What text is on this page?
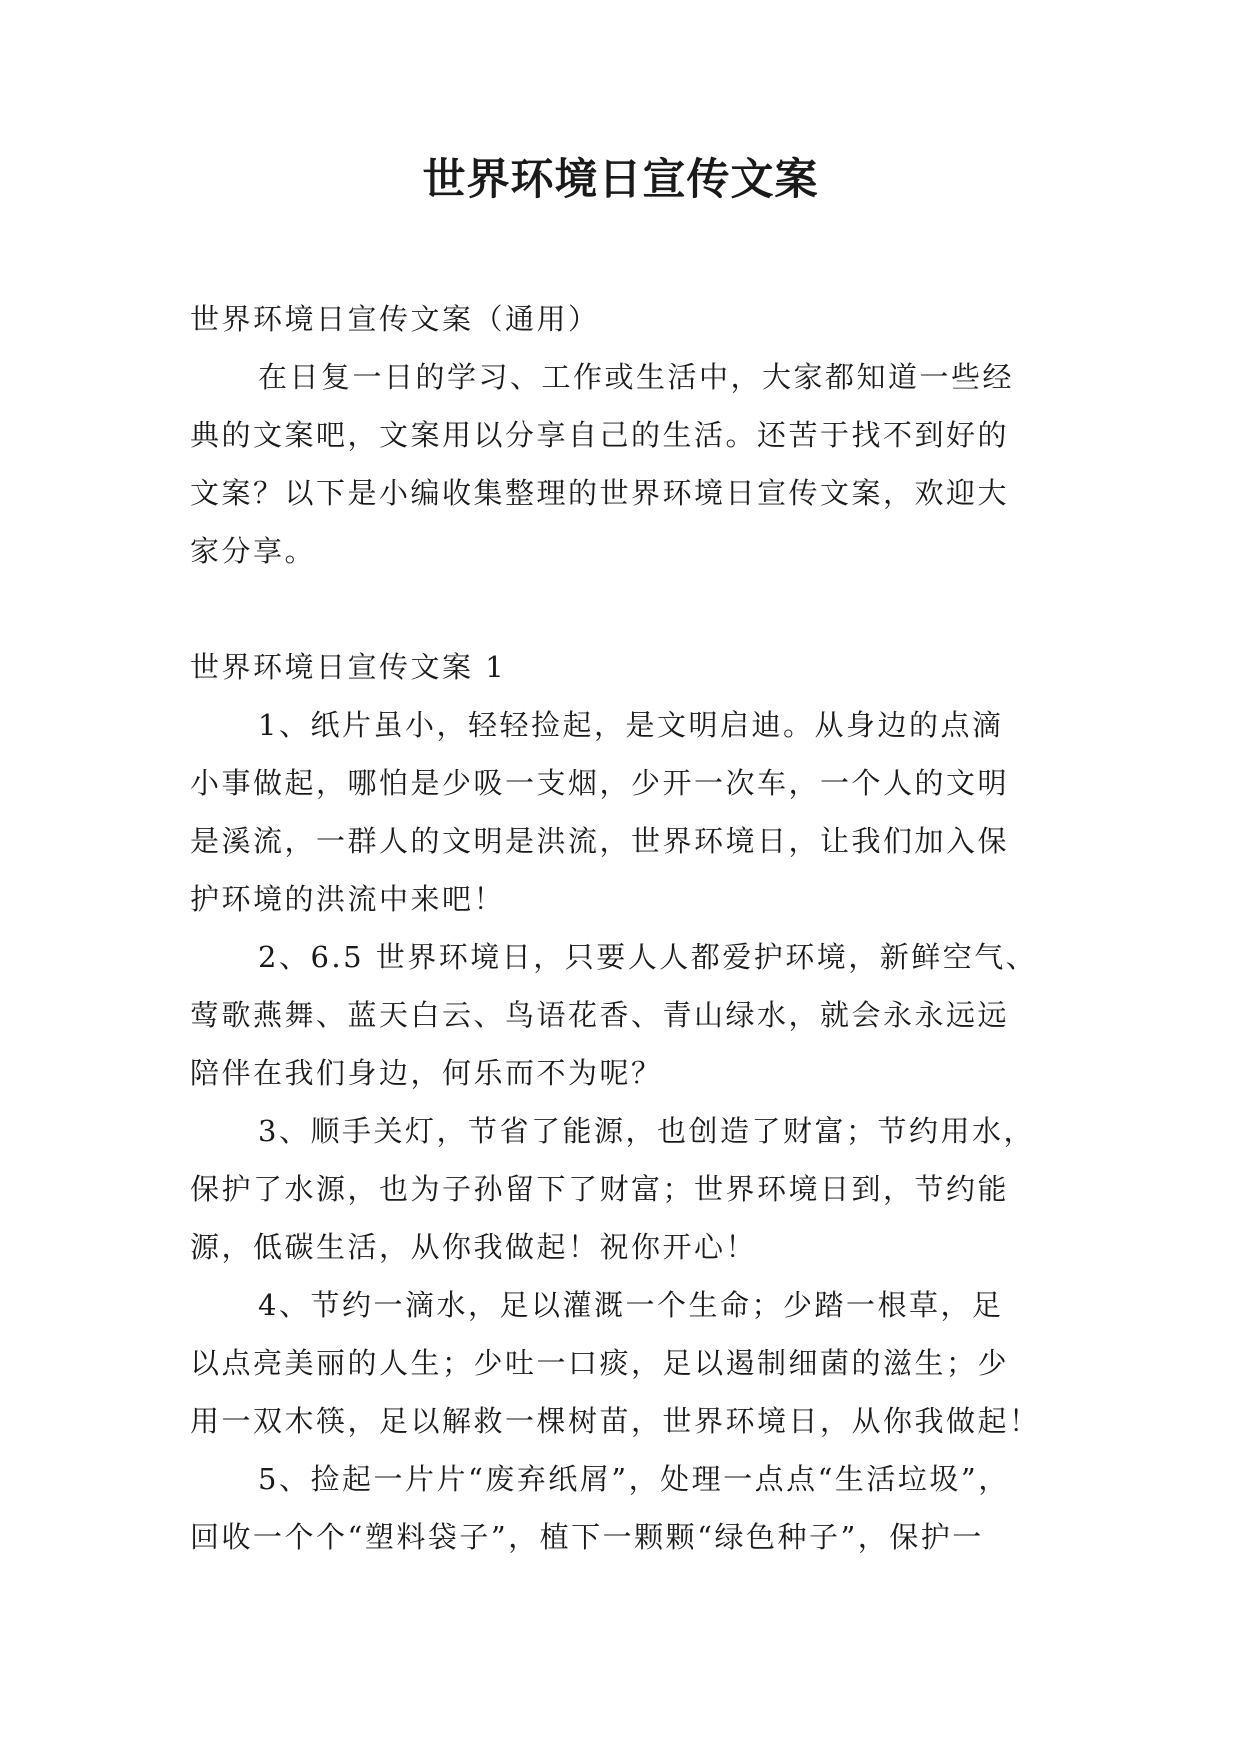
世界环境日宣传文案
世界环境日宣传文案（通用）
在日复一日的学习、工作或生活中，大家都知道一些经
典的文案吧，文案用以分享自己的生活。还苦于找不到好的
文案？以下是小编收集整理的世界环境日宣传文案，欢迎大
家分享。
世界环境日宣传文案 1
1、纸片虽小，轻轻捡起，是文明启迪。从身边的点滴
小事做起，哪怕是少吸一支烟，少开一次车，一个人的文明
是溪流，一群人的文明是洪流，世界环境日，让我们加入保
护环境的洪流中来吧！
2、6.5 世界环境日，只要人人都爱护环境，新鲜空气、
莺歌燕舞、蓝天白云、鸟语花香、青山绿水，就会永永远远
陪伴在我们身边，何乐而不为呢？
3、顺手关灯，节省了能源，也创造了财富；节约用水，
保护了水源，也为子孙留下了财富；世界环境日到，节约能
源，低碳生活，从你我做起！祝你开心！
4、节约一滴水，足以灌溉一个生命；少踏一根草，足
以点亮美丽的人生；少吐一口痰，足以遏制细菌的滋生；少
用一双木筷，足以解救一棵树苗，世界环境日，从你我做起！
5、捡起一片片“废弃纸屑”，处理一点点“生活垃圾”，
回收一个个“塑料袋子”，植下一颗颗“绿色种子”，保护一
